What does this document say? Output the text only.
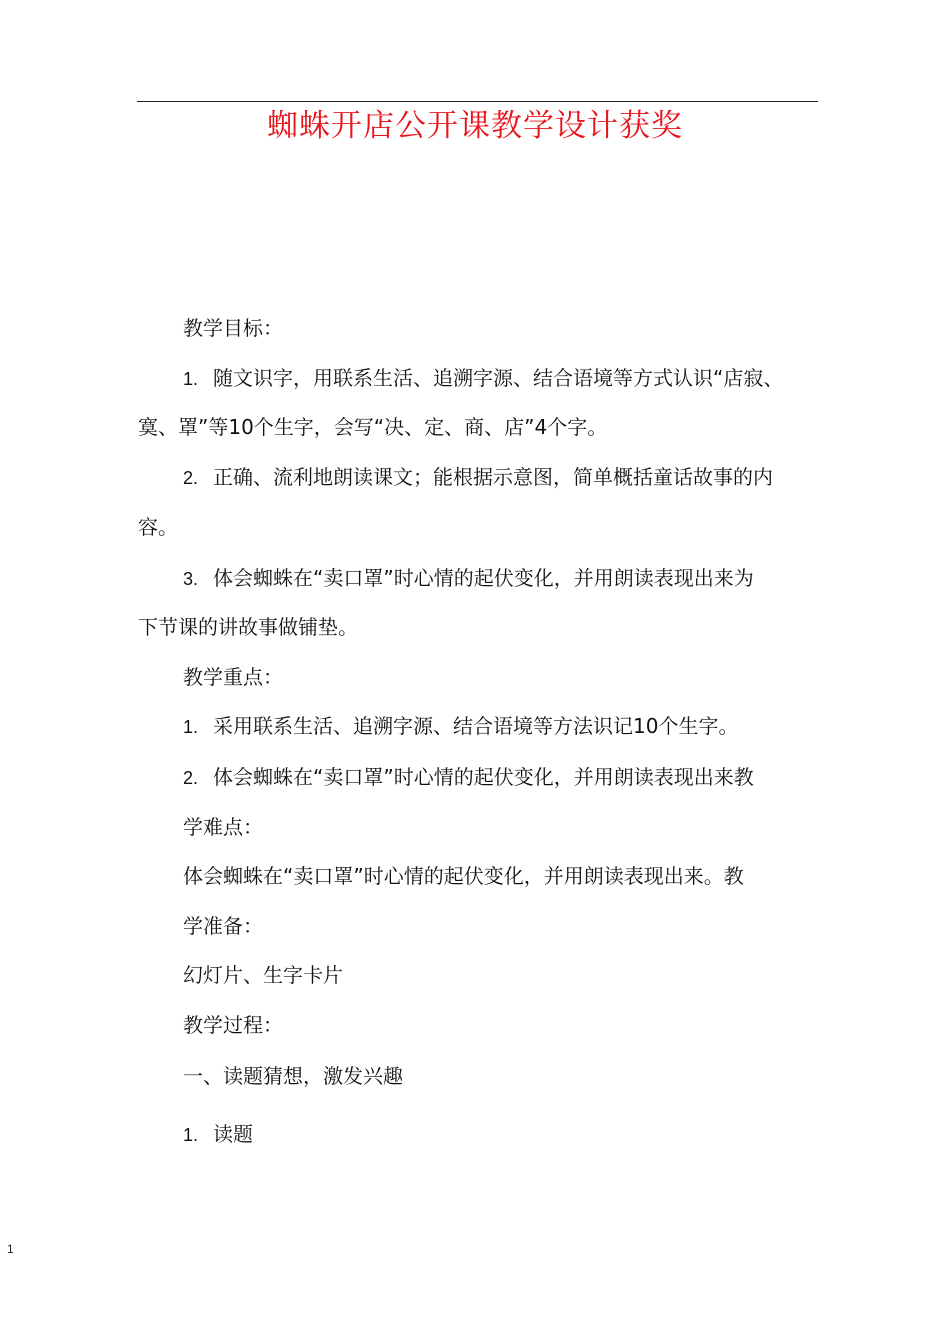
蜘蛛开店公开课教学设计获奖
教学目标：
1. 随文识字，用联系生活、追溯字源、结合语境等方式认识“店寂、
寞、罩”等10个生字，会写“决、定、商、店”4个字。
2. 正确、流利地朗读课文；能根据示意图，简单概括童话故事的内
容。
3. 体会蜘蛛在“卖口罩”时心情的起伏变化，并用朗读表现出来为
下节课的讲故事做铺垫。
教学重点：
1. 采用联系生活、追溯字源、结合语境等方法识记10个生字。
2. 体会蜘蛛在“卖口罩”时心情的起伏变化，并用朗读表现出来教
学难点：
体会蜘蛛在“卖口罩”时心情的起伏变化，并用朗读表现出来。教
学准备：
幻灯片、生字卡片
教学过程：
一、读题猜想，激发兴趣
1. 读题
1
